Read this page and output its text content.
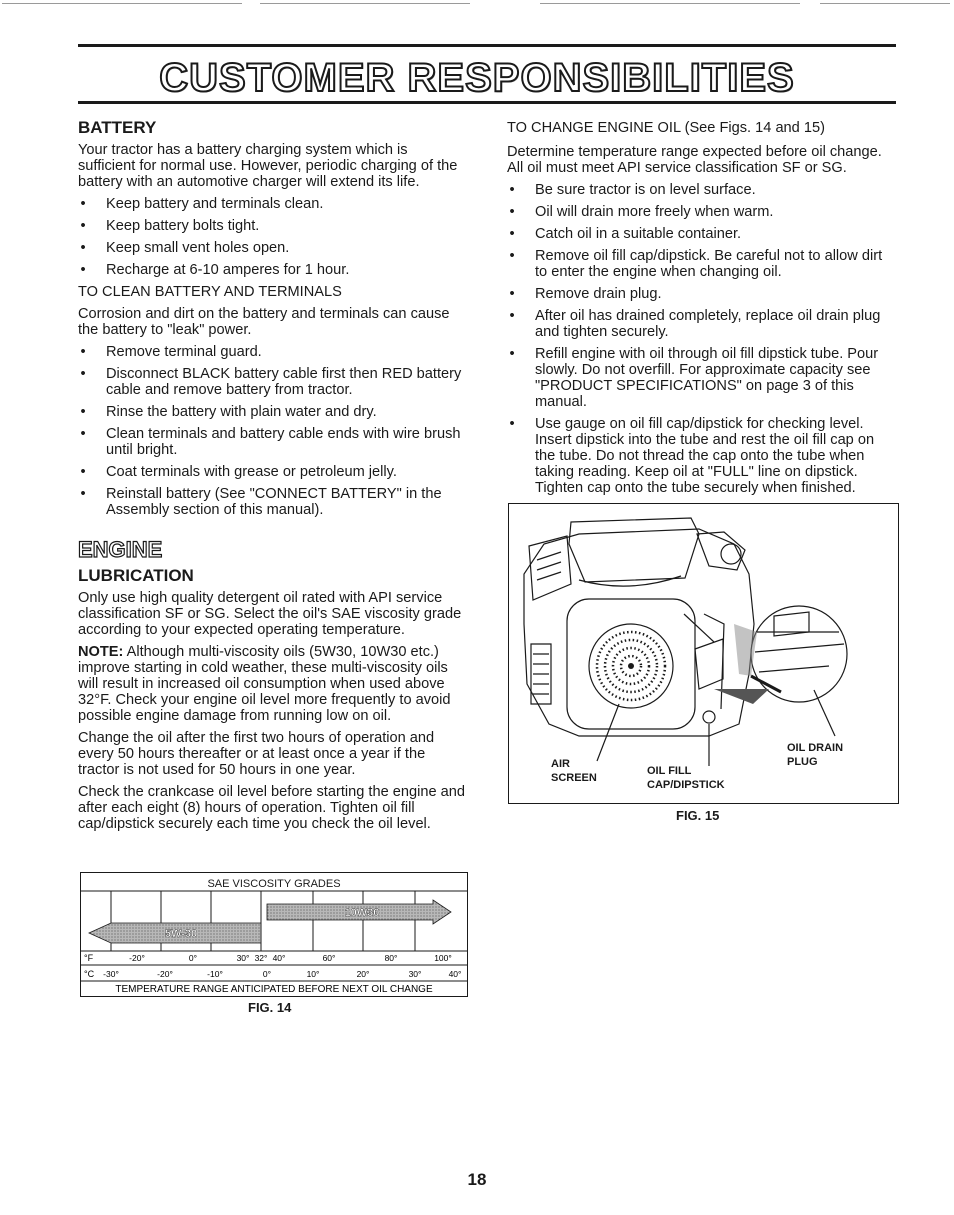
CUSTOMER RESPONSIBILITIES
BATTERY

Your tractor has a battery charging system which is sufficient for normal use. However, periodic charging of the battery with an automotive charger will extend its life.

• Keep battery and terminals clean.
• Keep battery bolts tight.
• Keep small vent holes open.
• Recharge at 6-10 amperes for 1 hour.
TO CLEAN BATTERY AND TERMINALS

Corrosion and dirt on the battery and terminals can cause the battery to "leak" power.

• Remove terminal guard.
• Disconnect BLACK battery cable first then RED battery cable and remove battery from tractor.
• Rinse the battery with plain water and dry.
• Clean terminals and battery cable ends with wire brush until bright.
• Coat terminals with grease or petroleum jelly.
• Reinstall battery (See "CONNECT BATTERY" in the Assembly section of this manual).
ENGINE
LUBRICATION

Only use high quality detergent oil rated with API service classification SF or SG. Select the oil's SAE viscosity grade according to your expected operating temperature.

NOTE: Although multi-viscosity oils (5W30, 10W30 etc.) improve starting in cold weather, these multi-viscosity oils will result in increased oil consumption when used above 32°F. Check your engine oil level more frequently to avoid possible engine damage from running low on oil.

Change the oil after the first two hours of operation and every 50 hours thereafter or at least once a year if the tractor is not used for 50 hours in one year.

Check the crankcase oil level before starting the engine and after each eight (8) hours of operation. Tighten oil fill cap/dipstick securely each time you check the oil level.

SAE VISCOSITY GRADES
5W-30
10W30
°F	-20°	0°	30° 32° 40°	60°	80°	100°
°C -30°	-20°	-10°	0°	10°	20°	30°	40°
TEMPERATURE RANGE ANTICIPATED BEFORE NEXT OIL CHANGE
FIG. 14
TO CHANGE ENGINE OIL (See Figs. 14 and 15)

Determine temperature range expected before oil change. All oil must meet API service classification SF or SG.

• Be sure tractor is on level surface.
• Oil will drain more freely when warm.
• Catch oil in a suitable container.
• Remove oil fill cap/dipstick. Be careful not to allow dirt to enter the engine when changing oil.
• Remove drain plug.
• After oil has drained completely, replace oil drain plug and tighten securely.
• Refill engine with oil through oil fill dipstick tube. Pour slowly. Do not overfill. For approximate capacity see "PRODUCT SPECIFICATIONS" on page 3 of this manual.
• Use gauge on oil fill cap/dipstick for checking level. Insert dipstick into the tube and rest the oil fill cap on the tube. Do not thread the cap onto the tube when taking reading. Keep oil at "FULL" line on dipstick. Tighten cap onto the tube securely when finished.
AIR
SCREEN
OIL FILL
CAP/DIPSTICK
OIL DRAIN
PLUG
FIG. 15
18
